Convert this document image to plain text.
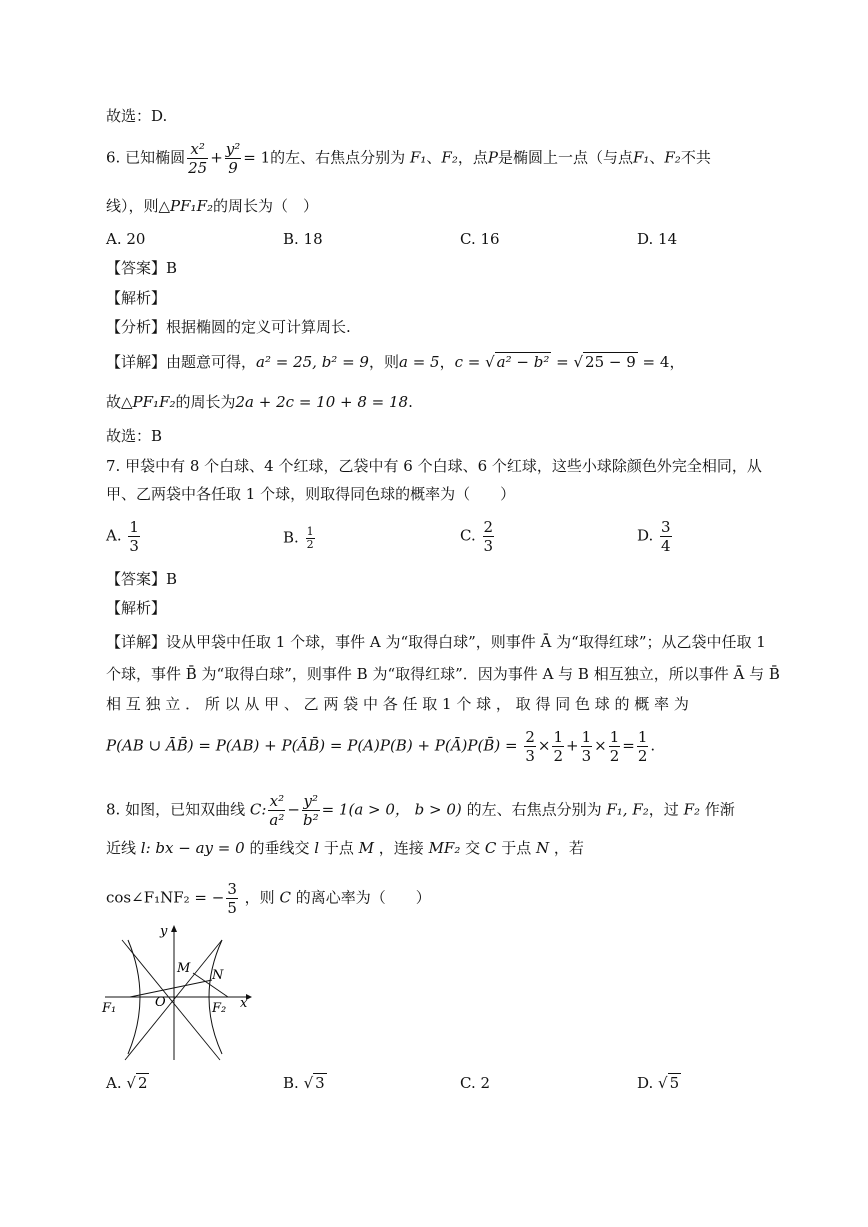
故选：D.
6. 已知椭圆 $\frac{\text{x²}}{25} + \frac{\text{y²}}{9} = 1$的左、右焦点分别为 F₁、F₂，点P是椭圆上一点（与点F₁、F₂不共
线），则△PF₁F₂的周长为（　）
A. 20	B. 18	C. 16	D. 14
【答案】B
【解析】
【分析】根据椭圆的定义可计算周长.
【详解】由题意可得，a² = 25, b² = 9，则a = 5，c = √ a² − b² = √ 25 − 9 = 4，
故△PF₁F₂的周长为2a + 2c = 10 + 8 = 18.
故选：B
7. 甲袋中有 8 个白球、4 个红球，乙袋中有 6 个白球、6 个红球，这些小球除颜色外完全相同，从
甲、乙两袋中各任取 1 个球，则取得同色球的概率为（　　）
A. $\frac{1}{3}$	B. $\frac{1}{2}$	C. $\frac{2}{3}$	D. $\frac{3}{4}$
【答案】B
【解析】
【详解】设从甲袋中任取 1 个球，事件 A 为“取得白球”，则事件 Ā 为“取得红球”；从乙袋中任取 1
个球，事件 B̄ 为“取得白球”，则事件 B 为“取得红球”．因为事件 A 与 B 相互独立，所以事件 Ā 与 B̄
相 互 独 立 ． 所 以 从 甲 、 乙 两 袋 中 各 任 取 1 个 球 ， 取 得 同 色 球 的 概 率 为
P(AB ∪ ĀB̄) = P(AB) + P(ĀB̄) = P(A)P(B) + P(Ā)P(B̄) = $\frac{2}{3} \times \frac{1}{2} + \frac{1}{3} \times \frac{1}{2} = \frac{1}{2}$ .
8. 如图，已知双曲线 C: $\frac{\text{x²}}{\text{a²}} - \frac{\text{y²}}{\text{b²}} = 1(a > 0$， b > 0) 的左、右焦点分别为 F₁, F₂，过 F₂ 作渐
近线 l: bx − ay = 0 的垂线交 l 于点 M ，连接 MF₂ 交 C 于点 N ，若
cos∠F₁NF₂ = − $\frac{3}{5}$ ，则 C 的离心率为（　　）
F₁	O	F₂ x
y
M N
A. √ 2	B. √ 3	C. 2	D. √ 5
